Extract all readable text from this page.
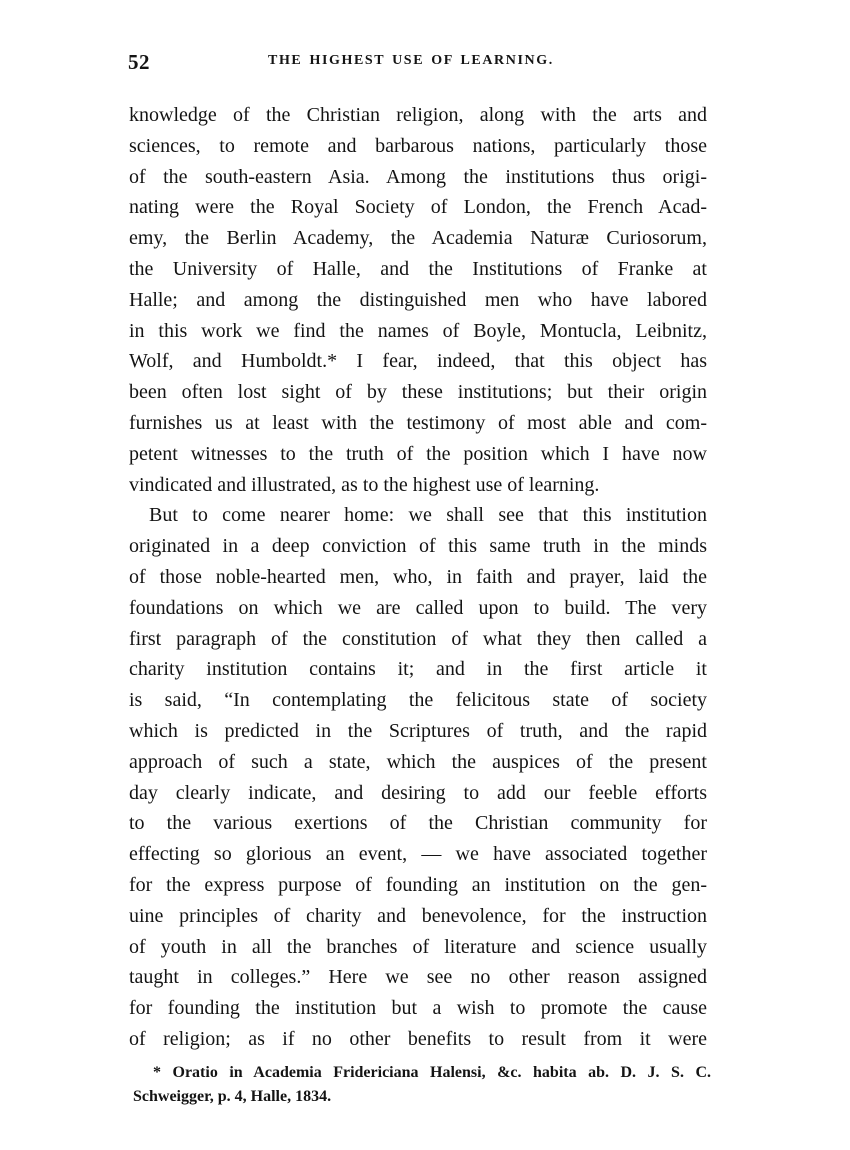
52	THE HIGHEST USE OF LEARNING.
knowledge of the Christian religion, along with the arts and
sciences, to remote and barbarous nations, particularly those
of the south-eastern Asia. Among the institutions thus origi-
nating were the Royal Society of London, the French Acad-
emy, the Berlin Academy, the Academia Naturæ Curiosorum,
the University of Halle, and the Institutions of Franke at
Halle; and among the distinguished men who have labored
in this work we find the names of Boyle, Montucla, Leibnitz,
Wolf, and Humboldt.* I fear, indeed, that this object has
been often lost sight of by these institutions; but their origin
furnishes us at least with the testimony of most able and com-
petent witnesses to the truth of the position which I have now
vindicated and illustrated, as to the highest use of learning.
But to come nearer home: we shall see that this institution
originated in a deep conviction of this same truth in the minds
of those noble-hearted men, who, in faith and prayer, laid the
foundations on which we are called upon to build. The very
first paragraph of the constitution of what they then called a
charity institution contains it; and in the first article it
is said, “In contemplating the felicitous state of society
which is predicted in the Scriptures of truth, and the rapid
approach of such a state, which the auspices of the present
day clearly indicate, and desiring to add our feeble efforts
to the various exertions of the Christian community for
effecting so glorious an event, — we have associated together
for the express purpose of founding an institution on the gen-
uine principles of charity and benevolence, for the instruction
of youth in all the branches of literature and science usually
taught in colleges.” Here we see no other reason assigned
for founding the institution but a wish to promote the cause
of religion; as if no other benefits to result from it were
* Oratio in Academia Fridericiana Halensi, &c. habita ab. D. J. S. C.
Schweigger, p. 4, Halle, 1834.
